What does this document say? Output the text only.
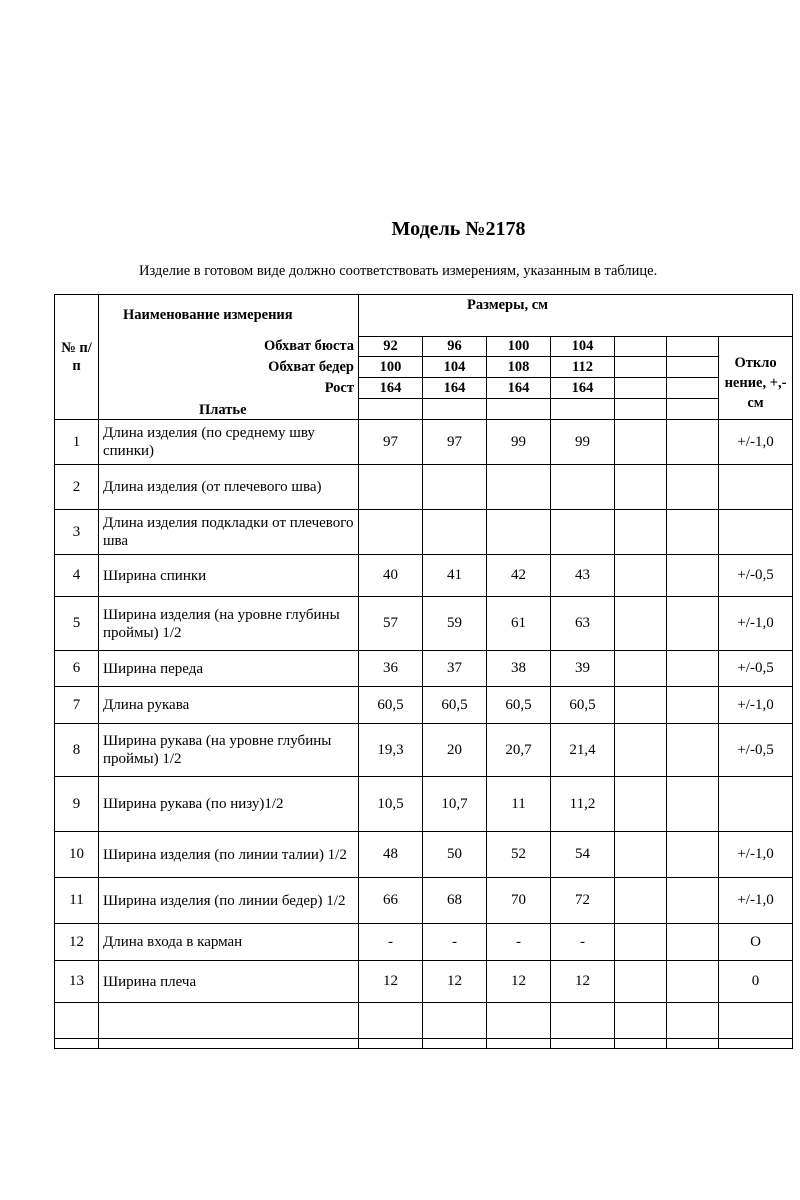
Модель №2178
Изделие в готовом виде должно соответствовать измерениям, указанным в таблице.
№ п/п	Наименование измерения	Размеры, см						
	Обхват бюста	92	96	100	104			Откло нение, +,- см
	Обхват бедер	100	104	108	112			
	Рост	164	164	164	164			
	Платье							
1	Длина изделия (по среднему шву спинки)	97	97	99	99			+/-1,0
2	Длина изделия (от плечевого шва)							
3	Длина изделия подкладки от плечевого шва							
4	Ширина спинки	40	41	42	43			+/-0,5
5	Ширина изделия (на уровне глубины проймы) 1/2	57	59	61	63			+/-1,0
6	Ширина переда	36	37	38	39			+/-0,5
7	Длина рукава	60,5	60,5	60,5	60,5			+/-1,0
8	Ширина рукава (на уровне глубины проймы) 1/2	19,3	20	20,7	21,4			+/-0,5
9	Ширина рукава (по низу)1/2	10,5	10,7	11	11,2			
10	Ширина изделия (по линии талии) 1/2	48	50	52	54			+/-1,0
11	Ширина изделия (по линии бедер) 1/2	66	68	70	72			+/-1,0
12	Длина входа в карман	-	-	-	-			О
13	Ширина плеча	12	12	12	12			0
